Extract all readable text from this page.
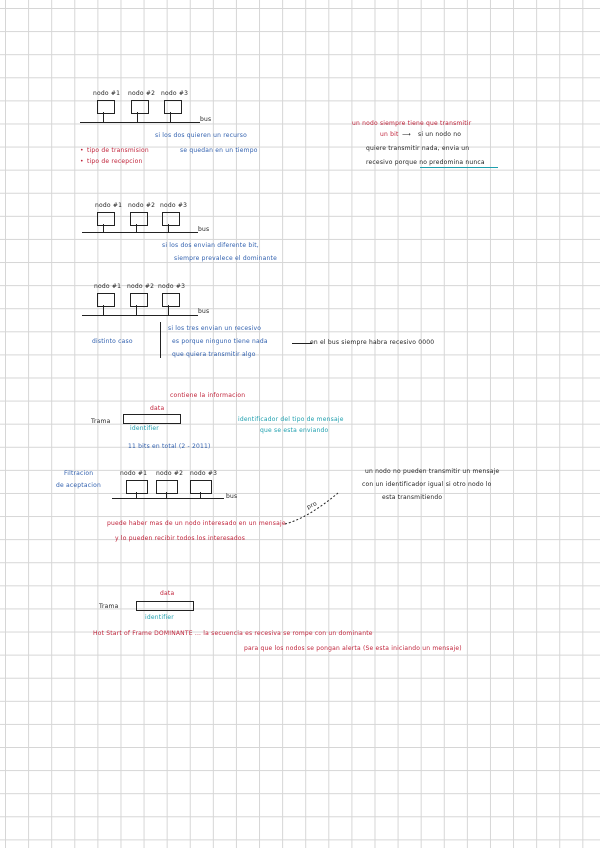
nodo #1 nodo #2 nodo #3
bus
si los dos quieren un recurso
se quedan en un tiempo
• tipo de transmision
• tipo de recepcion
un nodo siempre tiene que transmitir
un bit ⟶ si un nodo no
quiere transmitir nada, envia un
recesivo porque no predomina nunca
nodo #1 nodo #2 nodo #3
bus
si los dos envian diferente bit,
siempre prevalece el dominante
nodo #1 nodo #2 nodo #3
bus
distinto caso
si los tres envian un recesivo
es porque ninguno tiene nada
que quiera transmitir algo
en el bus siempre habra recesivo 0000
Trama
contiene la informacion
data
identifier
identificador del tipo de mensaje
que se esta enviando
11 bits en total (2 - 2011)
Filtracion
de aceptacion
nodo #1 nodo #2 nodo #3
bus
un nodo no pueden transmitir un mensaje
con un identificador igual si otro nodo lo
esta transmitiendo
pro
puede haber mas de un nodo interesado en un mensaje
y lo pueden recibir todos los interesados
Trama
data
identifier
Hot Start of Frame DOMINANTE ... la secuencia es recesiva se rompe con un dominante
para que los nodos se pongan alerta (Se esta iniciando un mensaje)
